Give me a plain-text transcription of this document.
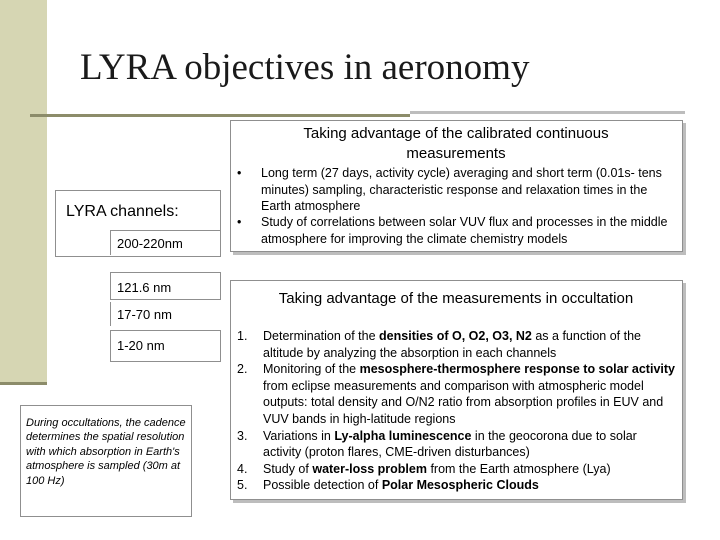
LYRA objectives in aeronomy
Taking advantage of the calibrated continuous measurements
• Long term (27 days, activity cycle) averaging and short term (0.01s- tens minutes) sampling, characteristic response and relaxation times in the Earth atmosphere
• Study of correlations between solar VUV flux and processes in the middle atmosphere for improving the climate chemistry models
LYRA channels:
200-220nm
121.6 nm
17-70 nm
1-20 nm
During occultations, the cadence determines the spatial resolution with which absorption in Earth's atmosphere is sampled (30m at 100 Hz)
Taking advantage of the measurements in occultation
1. Determination of the densities of O, O2, O3, N2 as a function of the altitude by analyzing the absorption in each channels
2. Monitoring of the mesosphere-thermosphere response to solar activity from eclipse measurements and comparison with atmospheric model outputs: total density and O/N2 ratio from absorption profiles in EUV and VUV bands in high-latitude regions
3. Variations in Ly-alpha luminescence in the geocorona due to solar activity (proton flares, CME-driven disturbances)
4. Study of water-loss problem from the Earth atmosphere (Lya)
5. Possible detection of Polar Mesospheric Clouds
